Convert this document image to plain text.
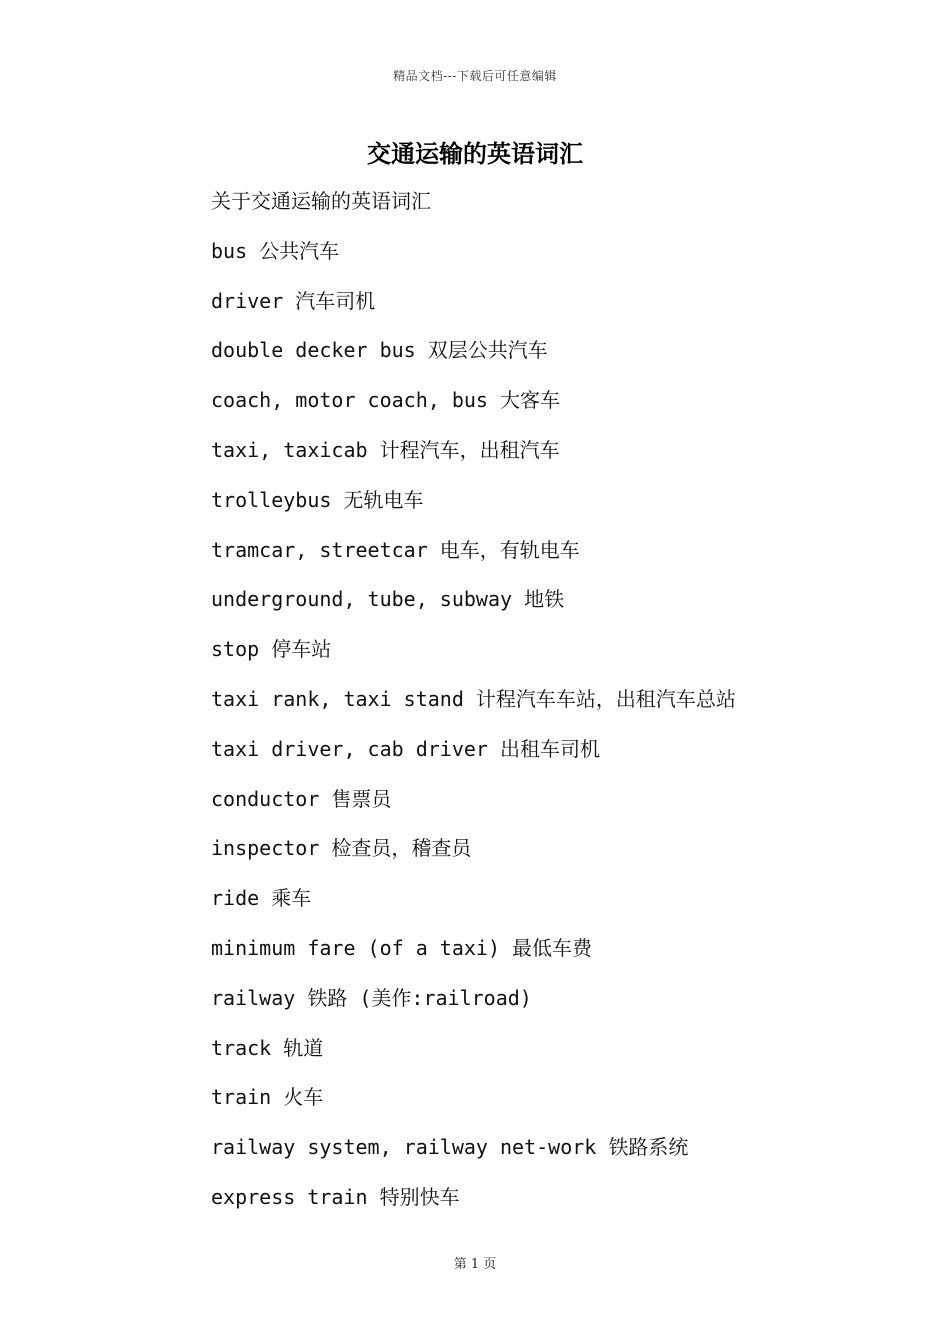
精品文档---下载后可任意编辑
交通运输的英语词汇
关于交通运输的英语词汇
bus 公共汽车
driver 汽车司机
double decker bus 双层公共汽车
coach, motor coach, bus 大客车
taxi, taxicab 计程汽车，出租汽车
trolleybus 无轨电车
tramcar, streetcar 电车，有轨电车
underground, tube, subway 地铁
stop 停车站
taxi rank, taxi stand 计程汽车车站，出租汽车总站
taxi driver, cab driver 出租车司机
conductor 售票员
inspector 检查员，稽查员
ride 乘车
minimum fare (of a taxi) 最低车费
railway 铁路 (美作:railroad)
track 轨道
train 火车
railway system, railway net-work 铁路系统
express train 特别快车
第 1 页
